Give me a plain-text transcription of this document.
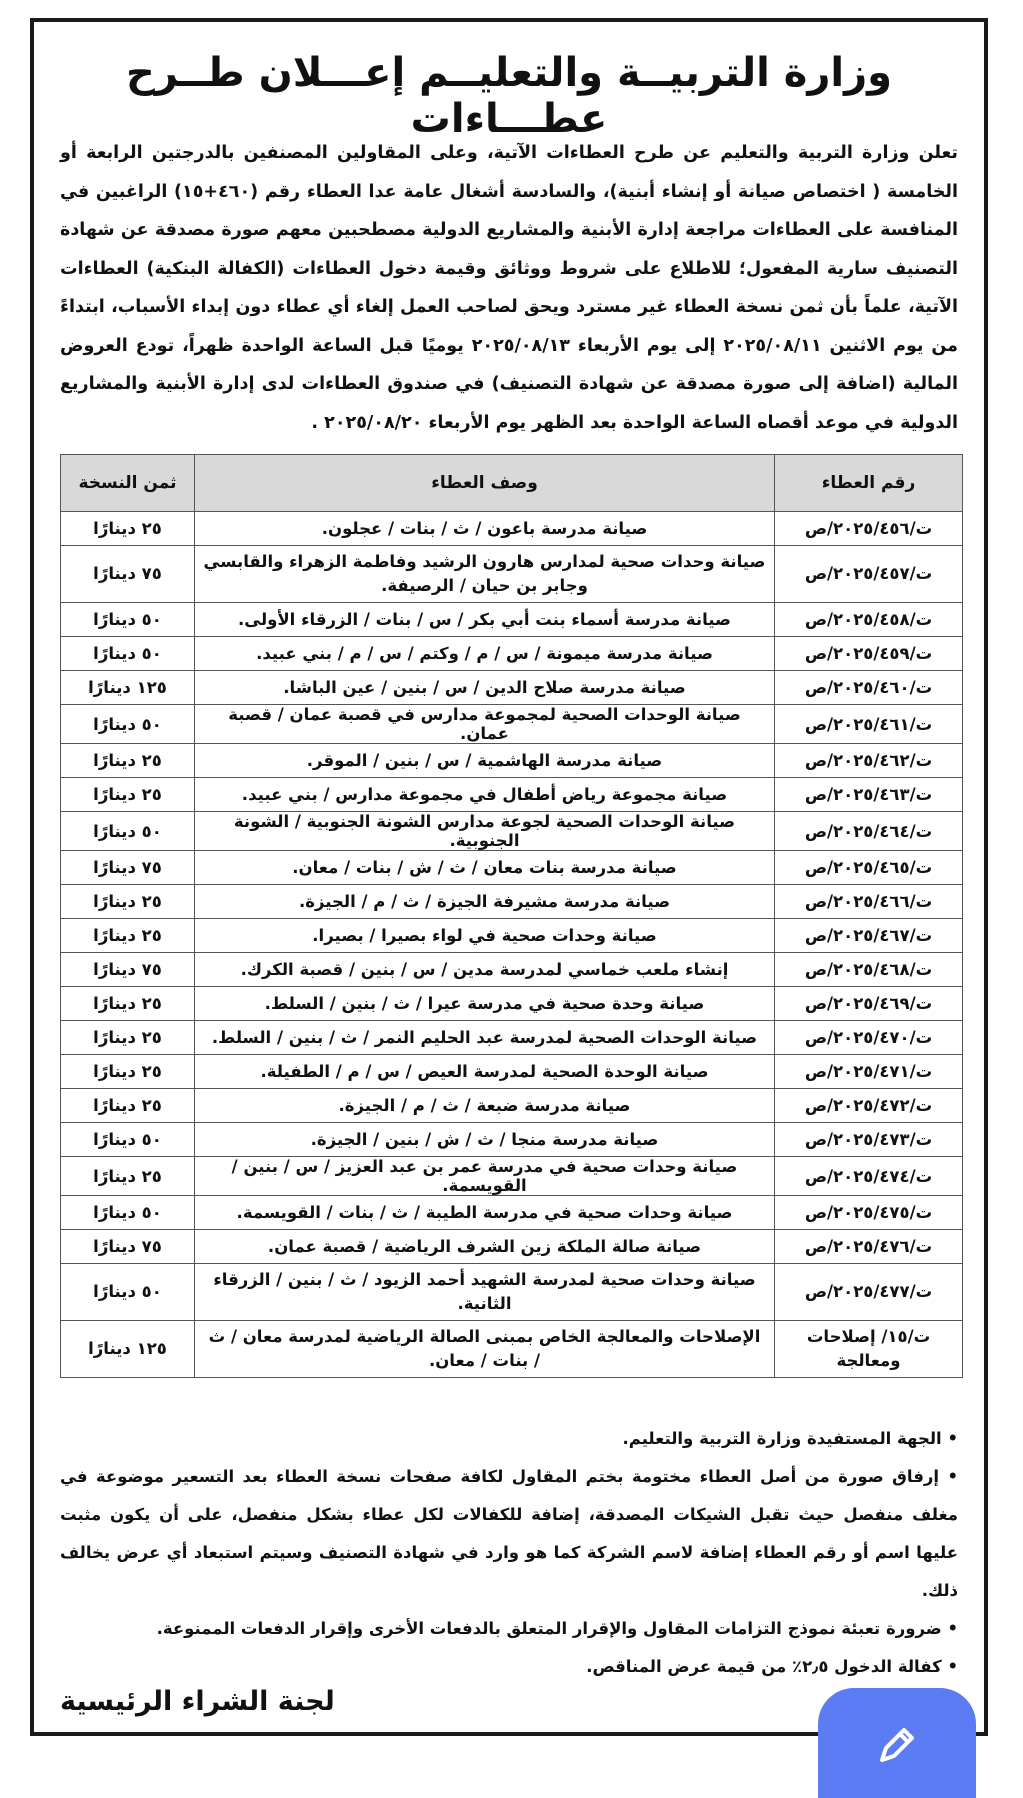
وزارة التربيــة والتعليــم إعـــلان طــرح عطـــاءات
تعلن وزارة التربية والتعليم عن طرح العطاءات الآتية، وعلى المقاولين المصنفين بالدرجتين الرابعة أو الخامسة ( اختصاص صيانة أو إنشاء أبنية)، والسادسة أشغال عامة عدا العطاء رقم (٤٦٠+١٥) الراغبين في المنافسة على العطاءات مراجعة إدارة الأبنية والمشاريع الدولية مصطحبين معهم صورة مصدقة عن شهادة التصنيف سارية المفعول؛ للاطلاع على شروط ووثائق وقيمة دخول العطاءات (الكفالة البنكية) العطاءات الآتية، علماً بأن ثمن نسخة العطاء غير مسترد ويحق لصاحب العمل إلغاء أي عطاء دون إبداء الأسباب، ابتداءً من يوم الاثنين ٢٠٢٥/٠٨/١١ إلى يوم الأربعاء ٢٠٢٥/٠٨/١٣ يوميًا قبل الساعة الواحدة ظهراً، تودع العروض المالية (اضافة إلى صورة مصدقة عن شهادة التصنيف) في صندوق العطاءات لدى إدارة الأبنية والمشاريع الدولية في موعد أقصاه الساعة الواحدة بعد الظهر يوم الأربعاء ٢٠٢٥/٠٨/٢٠ .
رقم العطاء	وصف العطاء	ثمن النسخة
ت/٢٠٢٥/٤٥٦/ص	صيانة مدرسة باعون / ث / بنات / عجلون.	٢٥ دينارًا
ت/٢٠٢٥/٤٥٧/ص	صيانة وحدات صحية لمدارس هارون الرشيد وفاطمة الزهراء والقابسي وجابر بن حيان / الرصيفة.	٧٥ دينارًا
ت/٢٠٢٥/٤٥٨/ص	صيانة مدرسة أسماء بنت أبي بكر / س / بنات / الزرقاء الأولى.	٥٠ دينارًا
ت/٢٠٢٥/٤٥٩/ص	صيانة مدرسة ميمونة / س / م / وكتم / س / م / بني عبيد.	٥٠ دينارًا
ت/٢٠٢٥/٤٦٠/ص	صيانة مدرسة صلاح الدين / س / بنين / عين الباشا.	١٢٥ دينارًا
ت/٢٠٢٥/٤٦١/ص	صيانة الوحدات الصحية لمجموعة مدارس في قصبة عمان / قصبة عمان.	٥٠ دينارًا
ت/٢٠٢٥/٤٦٢/ص	صيانة مدرسة الهاشمية / س / بنين / الموقر.	٢٥ دينارًا
ت/٢٠٢٥/٤٦٣/ص	صيانة مجموعة رياض أطفال في مجموعة مدارس / بني عبيد.	٢٥ دينارًا
ت/٢٠٢٥/٤٦٤/ص	صيانة الوحدات الصحية لجوعة مدارس الشونة الجنوبية / الشونة الجنوبية.	٥٠ دينارًا
ت/٢٠٢٥/٤٦٥/ص	صيانة مدرسة بنات معان / ث / ش / بنات / معان.	٧٥ دينارًا
ت/٢٠٢٥/٤٦٦/ص	صيانة مدرسة مشيرفة الجيزة / ث / م / الجيزة.	٢٥ دينارًا
ت/٢٠٢٥/٤٦٧/ص	صيانة وحدات صحية في لواء بصيرا / بصيرا.	٢٥ دينارًا
ت/٢٠٢٥/٤٦٨/ص	إنشاء ملعب خماسي لمدرسة مدين / س / بنين / قصبة الكرك.	٧٥ دينارًا
ت/٢٠٢٥/٤٦٩/ص	صيانة وحدة صحية في مدرسة عيرا / ث / بنين / السلط.	٢٥ دينارًا
ت/٢٠٢٥/٤٧٠/ص	صيانة الوحدات الصحية لمدرسة عبد الحليم النمر / ث / بنين / السلط.	٢٥ دينارًا
ت/٢٠٢٥/٤٧١/ص	صيانة الوحدة الصحية لمدرسة العيص / س / م / الطفيلة.	٢٥ دينارًا
ت/٢٠٢٥/٤٧٢/ص	صيانة مدرسة ضبعة / ث / م / الجيزة.	٢٥ دينارًا
ت/٢٠٢٥/٤٧٣/ص	صيانة مدرسة منجا / ث / ش / بنين / الجيزة.	٥٠ دينارًا
ت/٢٠٢٥/٤٧٤/ص	صيانة وحدات صحية في مدرسة عمر بن عبد العزيز / س / بنين / القويسمة.	٢٥ دينارًا
ت/٢٠٢٥/٤٧٥/ص	صيانة وحدات صحية في مدرسة الطيبة / ث / بنات / القويسمة.	٥٠ دينارًا
ت/٢٠٢٥/٤٧٦/ص	صيانة صالة الملكة زين الشرف الرياضية / قصبة عمان.	٧٥ دينارًا
ت/٢٠٢٥/٤٧٧/ص	صيانة وحدات صحية لمدرسة الشهيد أحمد الزيود / ث / بنين / الزرقاء الثانية.	٥٠ دينارًا
ت/١٥/ إصلاحات ومعالجة	الإصلاحات والمعالجة الخاص بمبنى الصالة الرياضية لمدرسة معان / ث / بنات / معان.	١٢٥ دينارًا

• الجهة المستفيدة وزارة التربية والتعليم.

• إرفاق صورة من أصل العطاء مختومة بختم المقاول لكافة صفحات نسخة العطاء بعد التسعير موضوعة في مغلف منفصل حيث تقبل الشيكات المصدقة، إضافة للكفالات لكل عطاء بشكل منفصل، على أن يكون مثبت عليها اسم أو رقم العطاء إضافة لاسم الشركة كما هو وارد في شهادة التصنيف وسيتم استبعاد أي عرض يخالف ذلك.

• ضرورة تعبئة نموذج التزامات المقاول والإقرار المتعلق بالدفعات الأخرى وإقرار الدفعات الممنوعة.

• كفالة الدخول ٢٫٥٪ من قيمة عرض المناقص.

لجنة الشراء الرئيسية
